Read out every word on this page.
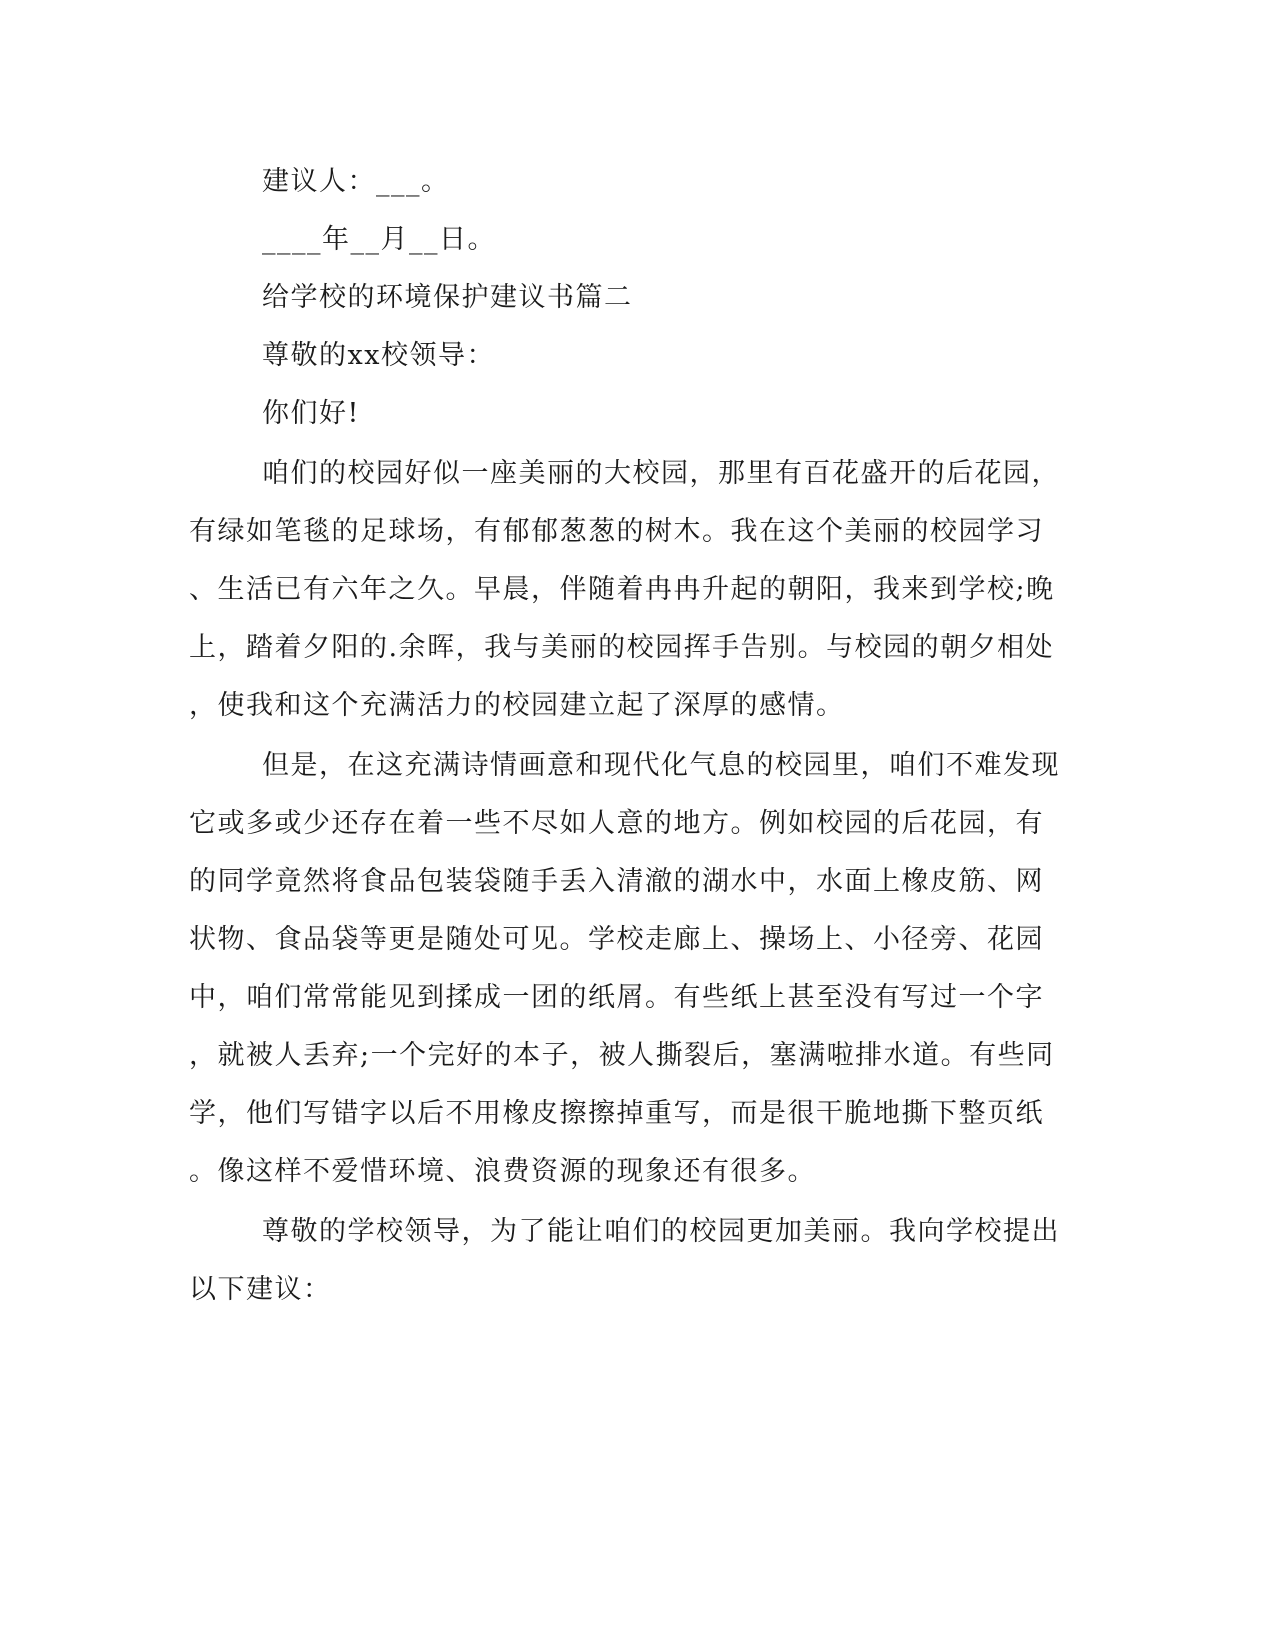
建议人：___。
____年__月__日。
给学校的环境保护建议书篇二
尊敬的xx校领导：
你们好!
咱们的校园好似一座美丽的大校园，那里有百花盛开的后花园，
有绿如笔毯的足球场，有郁郁葱葱的树木。我在这个美丽的校园学习
、生活已有六年之久。早晨，伴随着冉冉升起的朝阳，我来到学校;晚
上，踏着夕阳的.余晖，我与美丽的校园挥手告别。与校园的朝夕相处
，使我和这个充满活力的校园建立起了深厚的感情。
但是，在这充满诗情画意和现代化气息的校园里，咱们不难发现
它或多或少还存在着一些不尽如人意的地方。例如校园的后花园，有
的同学竟然将食品包装袋随手丢入清澈的湖水中，水面上橡皮筋、网
状物、食品袋等更是随处可见。学校走廊上、操场上、小径旁、花园
中，咱们常常能见到揉成一团的纸屑。有些纸上甚至没有写过一个字
，就被人丢弃;一个完好的本子，被人撕裂后，塞满啦排水道。有些同
学，他们写错字以后不用橡皮擦擦掉重写，而是很干脆地撕下整页纸
。像这样不爱惜环境、浪费资源的现象还有很多。
尊敬的学校领导，为了能让咱们的校园更加美丽。我向学校提出
以下建议：
